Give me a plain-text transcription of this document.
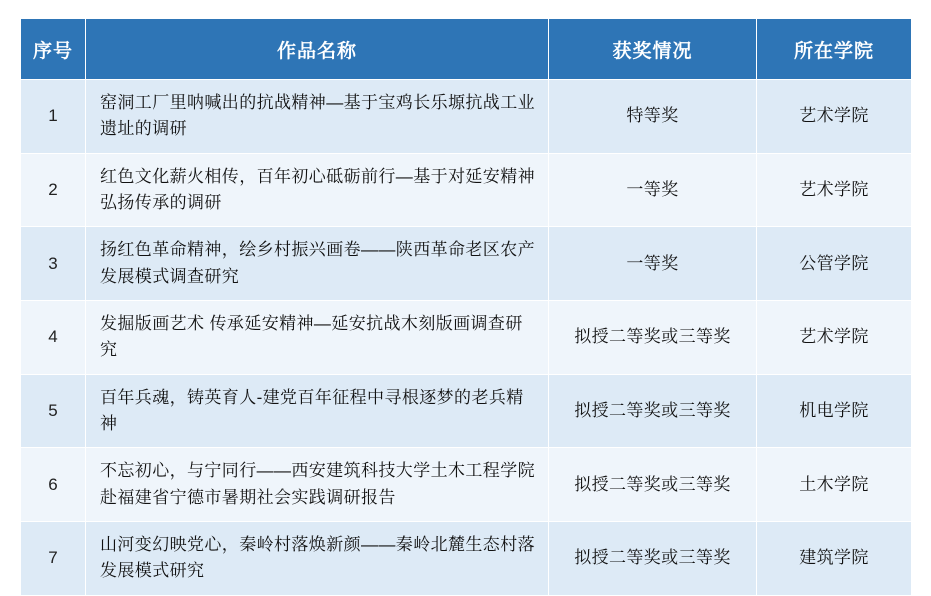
序号	作品名称	获奖情况	所在学院
1	窑洞工厂里呐喊出的抗战精神—基于宝鸡长乐塬抗战工业遗址的调研	特等奖	艺术学院
2	红色文化薪火相传，百年初心砥砺前行—基于对延安精神弘扬传承的调研	一等奖	艺术学院
3	扬红色革命精神，绘乡村振兴画卷——陕西革命老区农产发展模式调查研究	一等奖	公管学院
4	发掘版画艺术 传承延安精神—延安抗战木刻版画调查研究	拟授二等奖或三等奖	艺术学院
5	百年兵魂，铸英育人-建党百年征程中寻根逐梦的老兵精神	拟授二等奖或三等奖	机电学院
6	不忘初心，与宁同行——西安建筑科技大学土木工程学院赴福建省宁德市暑期社会实践调研报告	拟授二等奖或三等奖	土木学院
7	山河变幻映党心，秦岭村落焕新颜——秦岭北麓生态村落发展模式研究	拟授二等奖或三等奖	建筑学院
